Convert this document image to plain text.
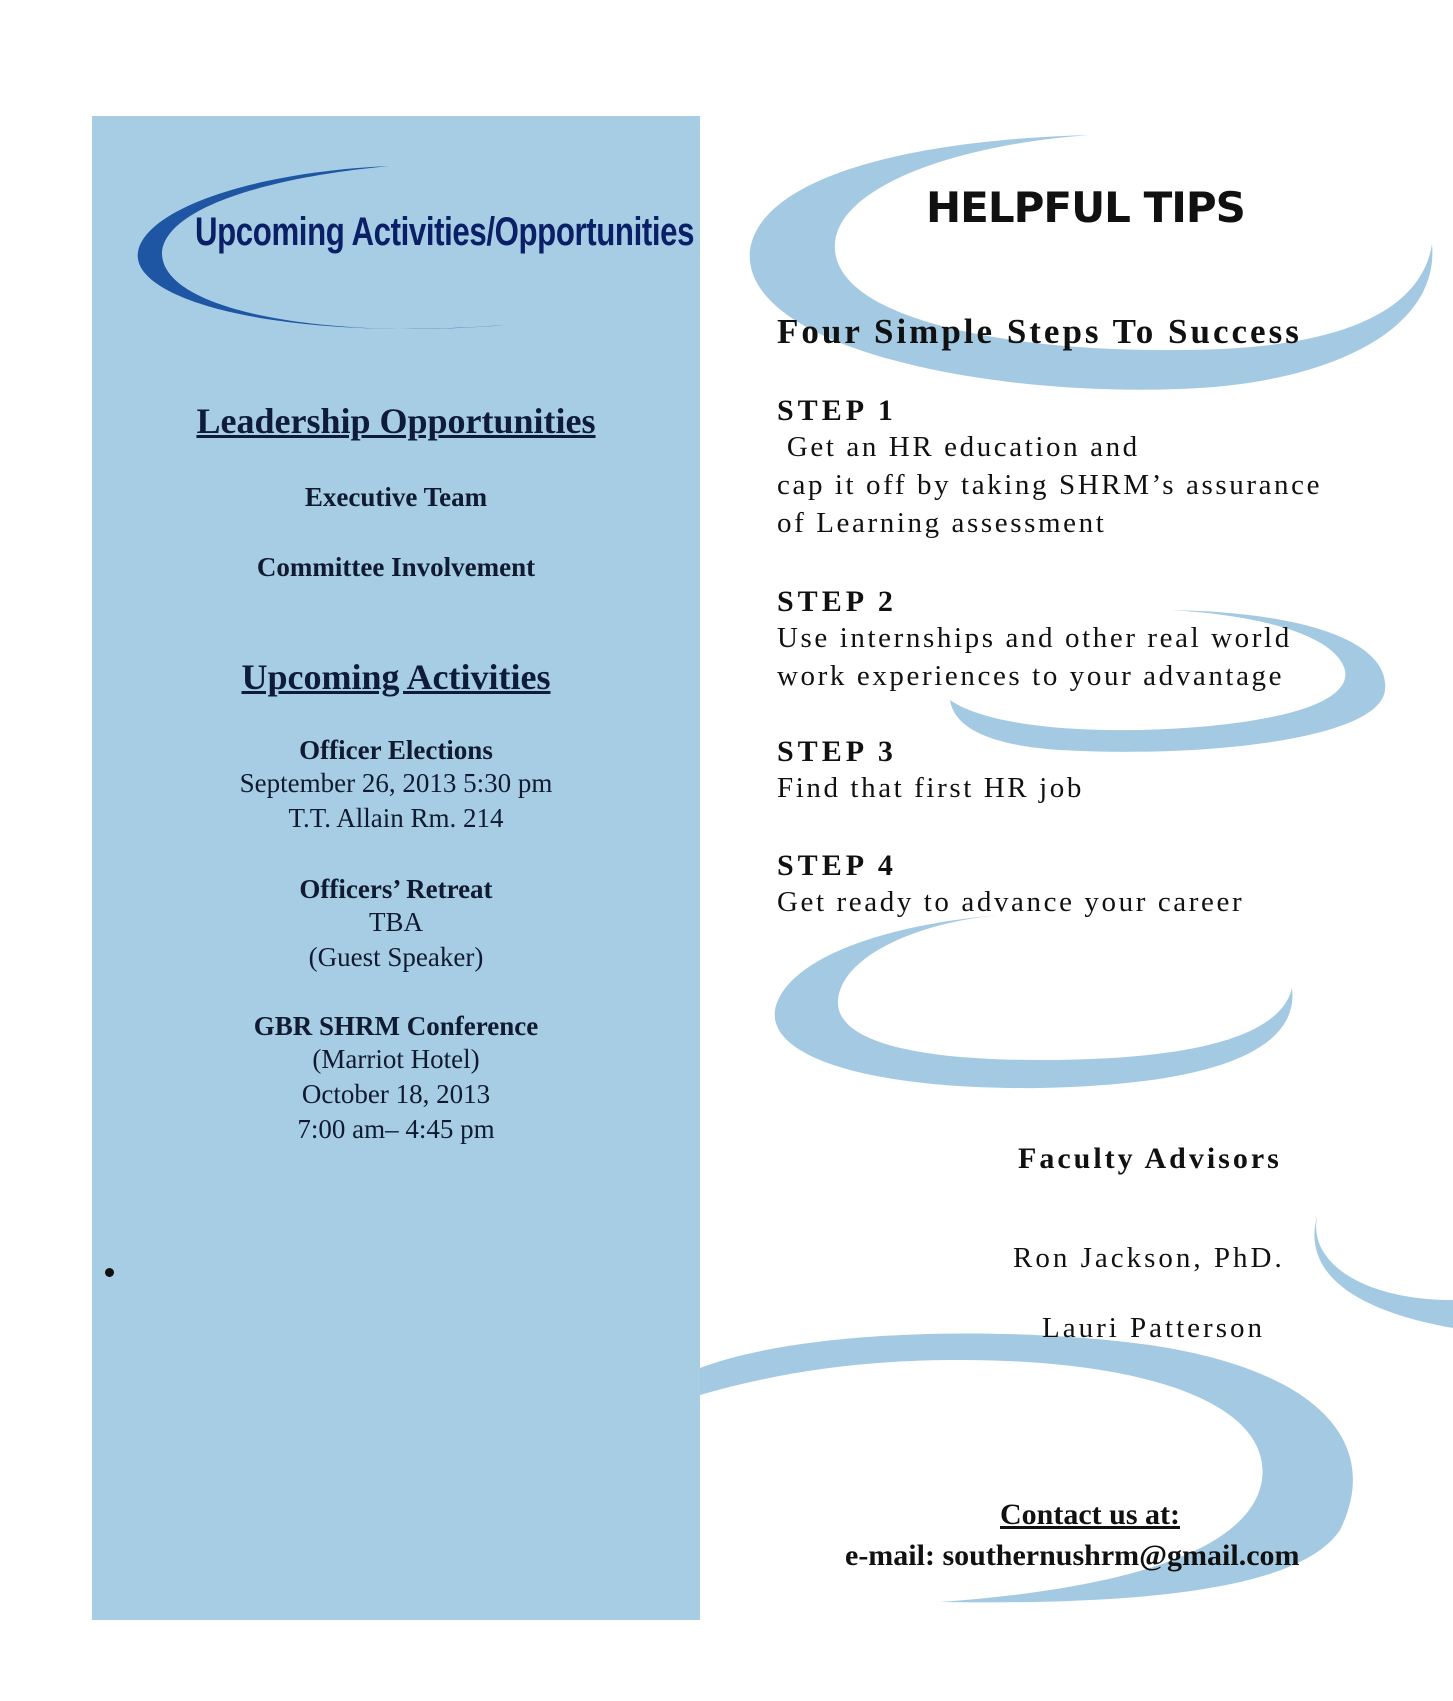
Upcoming Activities/Opportunities
Leadership Opportunities
Executive Team
Committee Involvement
Upcoming Activities
Officer Elections
September 26, 2013 5:30 pm
T.T. Allain Rm. 214
Officers’ Retreat
TBA
(Guest Speaker)
GBR SHRM Conference
(Marriot Hotel)
October 18, 2013
7:00 am– 4:45 pm
HELPFUL TIPS
Four Simple Steps To Success
STEP 1
Get an HR education and
cap it off by taking SHRM’s assurance
of Learning assessment
STEP 2
Use internships and other real world
work experiences to your advantage
STEP 3
Find that first HR job
STEP 4
Get ready to advance your career
Faculty Advisors
Ron Jackson, PhD.
Lauri Patterson
Contact us at:
e-mail: southernushrm@gmail.com
